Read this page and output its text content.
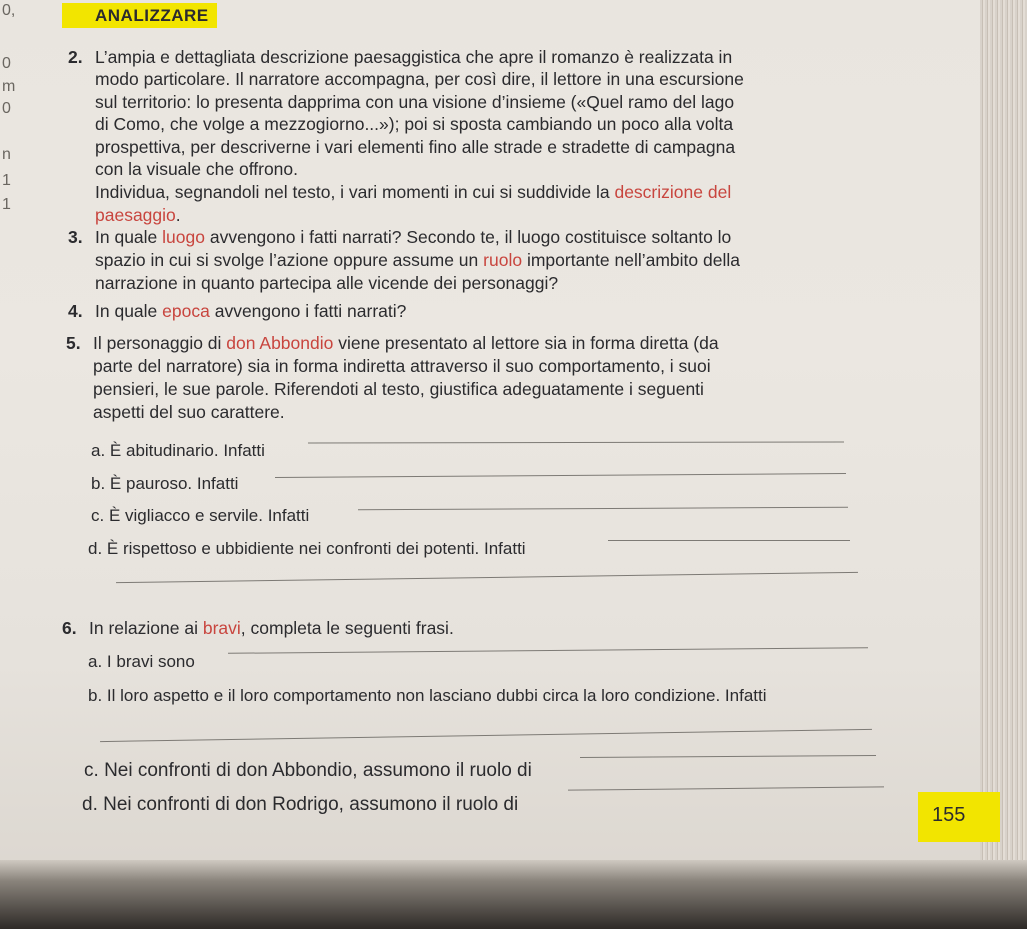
0,
0
m
0
n
1
1
ANALIZZARE
2. L’ampia e dettagliata descrizione paesaggistica che apre il romanzo è realizzata in
modo particolare. Il narratore accompagna, per così dire, il lettore in una escursione
sul territorio: lo presenta dapprima con una visione d’insieme («Quel ramo del lago
di Como, che volge a mezzogiorno...»); poi si sposta cambiando un poco alla volta
prospettiva, per descriverne i vari elementi fino alle strade e stradette di campagna
con la visuale che offrono.
Individua, segnandoli nel testo, i vari momenti in cui si suddivide la descrizione del
paesaggio.
3. In quale luogo avvengono i fatti narrati? Secondo te, il luogo costituisce soltanto lo
spazio in cui si svolge l’azione oppure assume un ruolo importante nell’ambito della
narrazione in quanto partecipa alle vicende dei personaggi?
4. In quale epoca avvengono i fatti narrati?
5. Il personaggio di don Abbondio viene presentato al lettore sia in forma diretta (da
parte del narratore) sia in forma indiretta attraverso il suo comportamento, i suoi
pensieri, le sue parole. Riferendoti al testo, giustifica adeguatamente i seguenti
aspetti del suo carattere.
a. È abitudinario. Infatti
b. È pauroso. Infatti
c. È vigliacco e servile. Infatti
d. È rispettoso e ubbidiente nei confronti dei potenti. Infatti
6. In relazione ai bravi, completa le seguenti frasi.
a. I bravi sono
b. Il loro aspetto e il loro comportamento non lasciano dubbi circa la loro condizione. Infatti
c. Nei confronti di don Abbondio, assumono il ruolo di
d. Nei confronti di don Rodrigo, assumono il ruolo di	155
